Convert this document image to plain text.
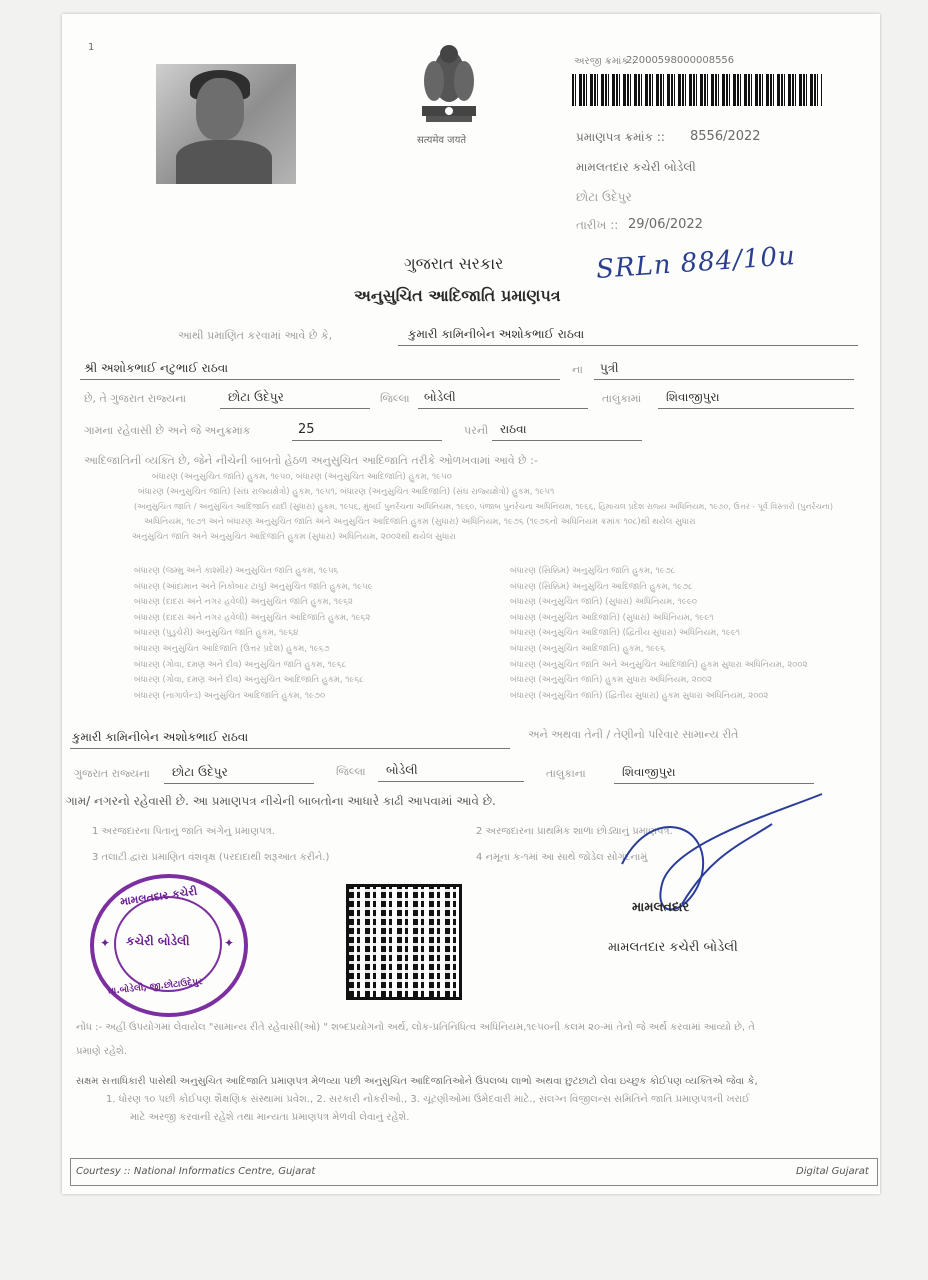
1
सत्यमेव जयते
અરજી ક્રમાંક :
22000598000008556
પ્રમાણપત્ર ક્રમાંક :: 8556/2022
મામલતદાર કચેરી બોડેલી
છોટા ઉદેપુર
તારીખ :: 29/06/2022
SRLn 884/10u
ગુજરાત સરકાર
અનુસુચિત આદિજાતિ પ્રમાણપત્ર
આથી પ્રમાણિત કરવામાં આવે છે કે,	કુમારી કામિનીબેન અશોકભાઈ રાઠવા
શ્રી અશોકભાઈ નટુભાઈ રાઠવા	ના પુત્રી
છે, તે ગુજરાત રાજ્યના	છોટા ઉદેપુર	જિલ્લા બોડેલી	તાલુકામાં શિવાજીપુરા
ગામના રહેવાસી છે અને જે અનુક્રમાંક	25	પરની રાઠવા
આદિજાતિની વ્યક્તિ છે, જેને નીચેની બાબતો હેઠળ અનુસુચિત આદિજાતિ તરીકે ઓળખવામાં આવે છે :-
બંધારણ (અનુસુચિત જાતિ) હુકમ, ૧૯૫૦, બંધારણ (અનુસુચિત આદિજાતિ) હુકમ, ૧૯૫૦
બંધારણ (અનુસુચિત જાતિ) (સંઘ રાજ્યક્ષેત્રો) હુકમ, ૧૯૫૧, બંધારણ (અનુસુચિત આદિજાતિ) (સંઘ રાજ્યક્ષેત્રો) હુકમ, ૧૯૫૧
(અનુસુચિત જાતિ / અનુસુચિત આદિજાતિ યાદી (સુધારા) હુકમ, ૧૯૫૬, મુંબઈ પુનર્રચના અધિનિયમ, ૧૯૬૦, પંજાબ પુનર્રચના અધિનિયમ, ૧૯૬૬, હિમાચલ પ્રદેશ રાજ્ય અધિનિયમ, ૧૯૭૦, ઉત્તર - પૂર્વ વિસ્તારો (પુનર્રચના)
અધિનિયમ, ૧૯૭૧ અને બંધારણ અનુસુચિત જાતિ અને અનુસુચિત આદિજાતિ હુકમ (સુધારા) અધિનિયમ, ૧૯૭૬ (૧૯૭૬નો અધિનિયમ ક્રમાંક ૧૦૮)થી થયેલ સુધારા
અનુસુચિત જાતિ અને અનુસુચિત આદિજાતિ હુકમ (સુધારા) અધિનિયમ, ૨૦૦૨થી થયેલ સુધારા
બંધારણ (જમ્મુ અને કાશ્મીર) અનુસુચિત જાતિ હુકમ, ૧૯૫૬
બંધારણ (આંદામાન અને નિકોબાર ટાપુ) અનુસુચિત જાતિ હુકમ, ૧૯૫૯
બંધારણ (દાદરા અને નગર હવેલી) અનુસુચિત જાતિ હુકમ, ૧૯૬૨
બંધારણ (દાદરા અને નગર હવેલી) અનુસુચિત આદિજાતિ હુકમ, ૧૯૬૨
બંધારણ (પુડુચેરી) અનુસુચિત જાતિ હુકમ, ૧૯૬૪
બંધારણ અનુસુચિત આદિજાતિ (ઉત્તર પ્રદેશ) હુકમ, ૧૯૬૭
બંધારણ (ગોવા, દમણ અને દીવ) અનુસુચિત જાતિ હુકમ, ૧૯૬૮
બંધારણ (ગોવા, દમણ અને દીવ) અનુસુચિત આદિજાતિ હુકમ, ૧૯૬૮
બંધારણ (નાગાલેન્ડ) અનુસુચિત આદિજાતિ હુકમ, ૧૯૭૦
બંધારણ (સિક્કિમ) અનુસુચિત જાતિ હુકમ, ૧૯૭૮
બંધારણ (સિક્કિમ) અનુસુચિત આદિજાતિ હુકમ, ૧૯૭૮
બંધારણ (અનુસુચિત જાતિ) (સુધારા) અધિનિયમ, ૧૯૯૦
બંધારણ (અનુસુચિત આદિજાતિ) (સુધારા) અધિનિયમ, ૧૯૯૧
બંધારણ (અનુસુચિત આદિજાતિ) (દ્વિતીય સુધારા) અધિનિયમ, ૧૯૯૧
બંધારણ (અનુસુચિત આદિજાતિ) હુકમ, ૧૯૯૬
બંધારણ (અનુસુચિત જાતિ અને અનુસુચિત આદિજાતિ) હુકમ સુધારા અધિનિયમ, ૨૦૦૨
બંધારણ (અનુસુચિત જાતિ) હુકમ સુધારા અધિનિયમ, ૨૦૦૨
બંધારણ (અનુસુચિત જાતિ) (દ્વિતીય સુધારા) હુકમ સુધારા અધિનિયમ, ૨૦૦૨
કુમારી કામિનીબેન અશોકભાઈ રાઠવા	અને અથવા તેની / તેણીનો પરિવાર સામાન્ય રીતે
ગુજરાત રાજ્યના છોટા ઉદેપુર	જિલ્લા બોડેલી	તાલુકાના	શિવાજીપુરા
ગામ/ નગરનો રહેવાસી છે. આ પ્રમાણપત્ર નીચેની બાબતોના આધારે કાઢી આપવામાં આવે છે.
1 અરજદારના પિતાનું જાતિ અંગેનું પ્રમાણપત્ર.	2 અરજદારના પ્રાથમિક શાળા છોડ્યાનું પ્રમાણપત્ર.
3 તલાટી દ્વારા પ્રમાણિત વંશવૃક્ષ (પરદાદાથી શરૂઆત કરીને.)	4 નમૂના ક-૧માં આ સાથે જોડેલ સોગંદનામું
મામલતદાર કચેરી
કચેરી બોડેલી
તા.બોડેલી, જી.છોટાઉદેપુર
✦	✦
મામલતદાર
મામલતદાર કચેરી બોડેલી
નોંધ :- અહીં ઉપયોગમાં લેવાયેલ "સામાન્ય રીતે રહેવાસી(ઓ) " શબ્દપ્રયોગનો અર્થ, લોક-પ્રતિનિધિત્વ અધિનિયમ,૧૯૫૦ની કલમ ૨૦-માં તેનો જે અર્થ કરવામાં આવ્યો છે, તે
પ્રમાણે રહેશે.
સક્ષમ સત્તાધિકારી પાસેથી અનુસુચિત આદિજાતિ પ્રમાણપત્ર મેળવ્યા પછી અનુસુચિત આદિજાતિઓને ઉપલબ્ધ લાભો અથવા છુટછાટો લેવા ઇચ્છુક કોઈપણ વ્યક્તિએ જેવા કે,
1. ધોરણ ૧૦ પછી કોઈપણ શૈક્ષણિક સંસ્થામાં પ્રવેશ., 2. સરકારી નોકરીઓ., 3. ચૂંટણીઓમાં ઉમેદવારી માટે., સંલગ્ન વિજીલન્સ સમિતિને જાતિ પ્રમાણપત્રની ખરાઈ
માટે અરજી કરવાની રહેશે તથા માન્યતા પ્રમાણપત્ર મેળવી લેવાનું રહેશે.
Courtesy :: National Informatics Centre, Gujarat	Digital Gujarat
